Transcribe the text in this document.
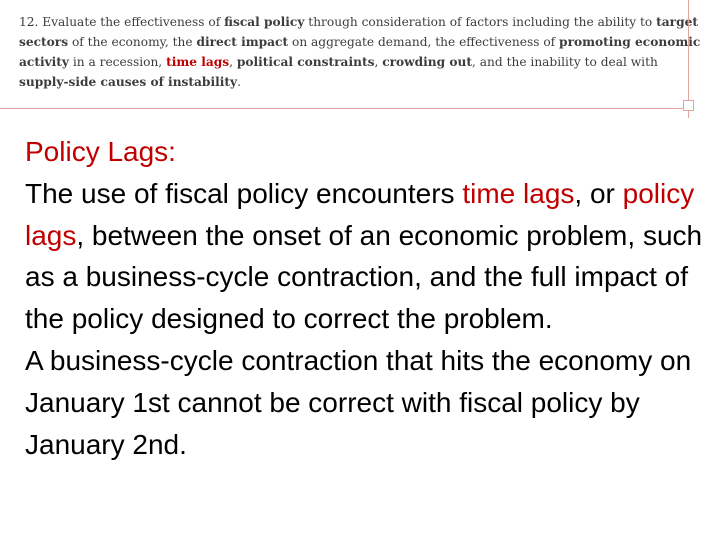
12. Evaluate the effectiveness of fiscal policy through consideration of factors including the ability to target sectors of the economy, the direct impact on aggregate demand, the effectiveness of promoting economic activity in a recession, time lags, political constraints, crowding out, and the inability to deal with supply-side causes of instability.

Policy Lags:

The use of fiscal policy encounters time lags, or policy lags, between the onset of an economic problem, such as a business-cycle contraction, and the full impact of the policy designed to correct the problem.

A business-cycle contraction that hits the economy on January 1st cannot be correct with fiscal policy by January 2nd.
